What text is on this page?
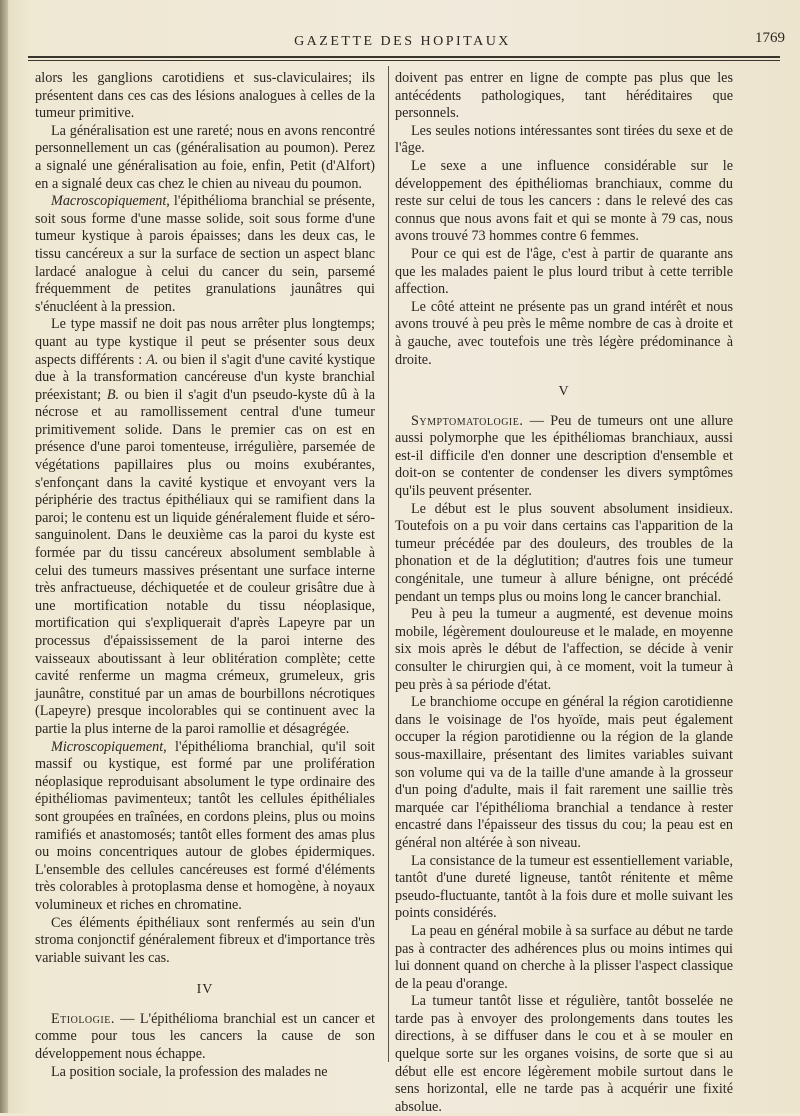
GAZETTE DES HOPITAUX	1769

alors les ganglions carotidiens et sus-claviculaires; ils présentent dans ces cas des lésions analogues à celles de la tumeur primitive.

La généralisation est une rareté; nous en avons rencontré personnellement un cas (généralisation au poumon). Perez a signalé une généralisation au foie, enfin, Petit (d'Alfort) en a signalé deux cas chez le chien au niveau du poumon.

Macroscopiquement, l'épithélioma branchial se présente, soit sous forme d'une masse solide, soit sous forme d'une tumeur kystique à parois épaisses; dans les deux cas, le tissu cancéreux a sur la surface de section un aspect blanc lardacé analogue à celui du cancer du sein, parsemé fréquemment de petites granulations jaunâtres qui s'énucléent à la pression.

Le type massif ne doit pas nous arrêter plus longtemps; quant au type kystique il peut se présenter sous deux aspects différents : A. ou bien il s'agit d'une cavité kystique due à la transformation cancéreuse d'un kyste branchial préexistant; B. ou bien il s'agit d'un pseudo-kyste dû à la nécrose et au ramollissement central d'une tumeur primitivement solide. Dans le premier cas on est en présence d'une paroi tomenteuse, irrégulière, parsemée de végétations papillaires plus ou moins exubérantes, s'enfonçant dans la cavité kystique et envoyant vers la périphérie des tractus épithéliaux qui se ramifient dans la paroi; le contenu est un liquide généralement fluide et séro-sanguinolent. Dans le deuxième cas la paroi du kyste est formée par du tissu cancéreux absolument semblable à celui des tumeurs massives présentant une surface interne très anfractueuse, déchiquetée et de couleur grisâtre due à une mortification notable du tissu néoplasique, mortification qui s'expliquerait d'après Lapeyre par un processus d'épaississement de la paroi interne des vaisseaux aboutissant à leur oblitération complète; cette cavité renferme un magma crémeux, grumeleux, gris jaunâtre, constitué par un amas de bourbillons nécrotiques (Lapeyre) presque incolorables qui se continuent avec la partie la plus interne de la paroi ramollie et désagrégée.

Microscopiquement, l'épithélioma branchial, qu'il soit massif ou kystique, est formé par une prolifération néoplasique reproduisant absolument le type ordinaire des épithéliomas pavimenteux; tantôt les cellules épithéliales sont groupées en traînées, en cordons pleins, plus ou moins ramifiés et anastomosés; tantôt elles forment des amas plus ou moins concentriques autour de globes épidermiques. L'ensemble des cellules cancéreuses est formé d'éléments très colorables à protoplasma dense et homogène, à noyaux volumineux et riches en chromatine.

Ces éléments épithéliaux sont renfermés au sein d'un stroma conjonctif généralement fibreux et d'importance très variable suivant les cas.

IV

Etiologie. — L'épithélioma branchial est un cancer et comme pour tous les cancers la cause de son développement nous échappe.

La position sociale, la profession des malades ne

doivent pas entrer en ligne de compte pas plus que les antécédents pathologiques, tant héréditaires que personnels.

Les seules notions intéressantes sont tirées du sexe et de l'âge.

Le sexe a une influence considérable sur le développement des épithéliomas branchiaux, comme du reste sur celui de tous les cancers : dans le relevé des cas connus que nous avons fait et qui se monte à 79 cas, nous avons trouvé 73 hommes contre 6 femmes.

Pour ce qui est de l'âge, c'est à partir de quarante ans que les malades paient le plus lourd tribut à cette terrible affection.

Le côté atteint ne présente pas un grand intérêt et nous avons trouvé à peu près le même nombre de cas à droite et à gauche, avec toutefois une très légère prédominance à droite.

V

Symptomatologie. — Peu de tumeurs ont une allure aussi polymorphe que les épithéliomas branchiaux, aussi est-il difficile d'en donner une description d'ensemble et doit-on se contenter de condenser les divers symptômes qu'ils peuvent présenter.

Le début est le plus souvent absolument insidieux. Toutefois on a pu voir dans certains cas l'apparition de la tumeur précédée par des douleurs, des troubles de la phonation et de la déglutition; d'autres fois une tumeur congénitale, une tumeur à allure bénigne, ont précédé pendant un temps plus ou moins long le cancer branchial.

Peu à peu la tumeur a augmenté, est devenue moins mobile, légèrement douloureuse et le malade, en moyenne six mois après le début de l'affection, se décide à venir consulter le chirurgien qui, à ce moment, voit la tumeur à peu près à sa période d'état.

Le branchiome occupe en général la région carotidienne dans le voisinage de l'os hyoïde, mais peut également occuper la région parotidienne ou la région de la glande sous-maxillaire, présentant des limites variables suivant son volume qui va de la taille d'une amande à la grosseur d'un poing d'adulte, mais il fait rarement une saillie très marquée car l'épithélioma branchial a tendance à rester encastré dans l'épaisseur des tissus du cou; la peau est en général non altérée à son niveau.

La consistance de la tumeur est essentiellement variable, tantôt d'une dureté ligneuse, tantôt rénitente et même pseudo-fluctuante, tantôt à la fois dure et molle suivant les points considérés.

La peau en général mobile à sa surface au début ne tarde pas à contracter des adhérences plus ou moins intimes qui lui donnent quand on cherche à la plisser l'aspect classique de la peau d'orange.

La tumeur tantôt lisse et régulière, tantôt bosselée ne tarde pas à envoyer des prolongements dans toutes les directions, à se diffuser dans le cou et à se mouler en quelque sorte sur les organes voisins, de sorte que si au début elle est encore légèrement mobile surtout dans le sens horizontal, elle ne tarde pas à acquérir une fixité absolue.
